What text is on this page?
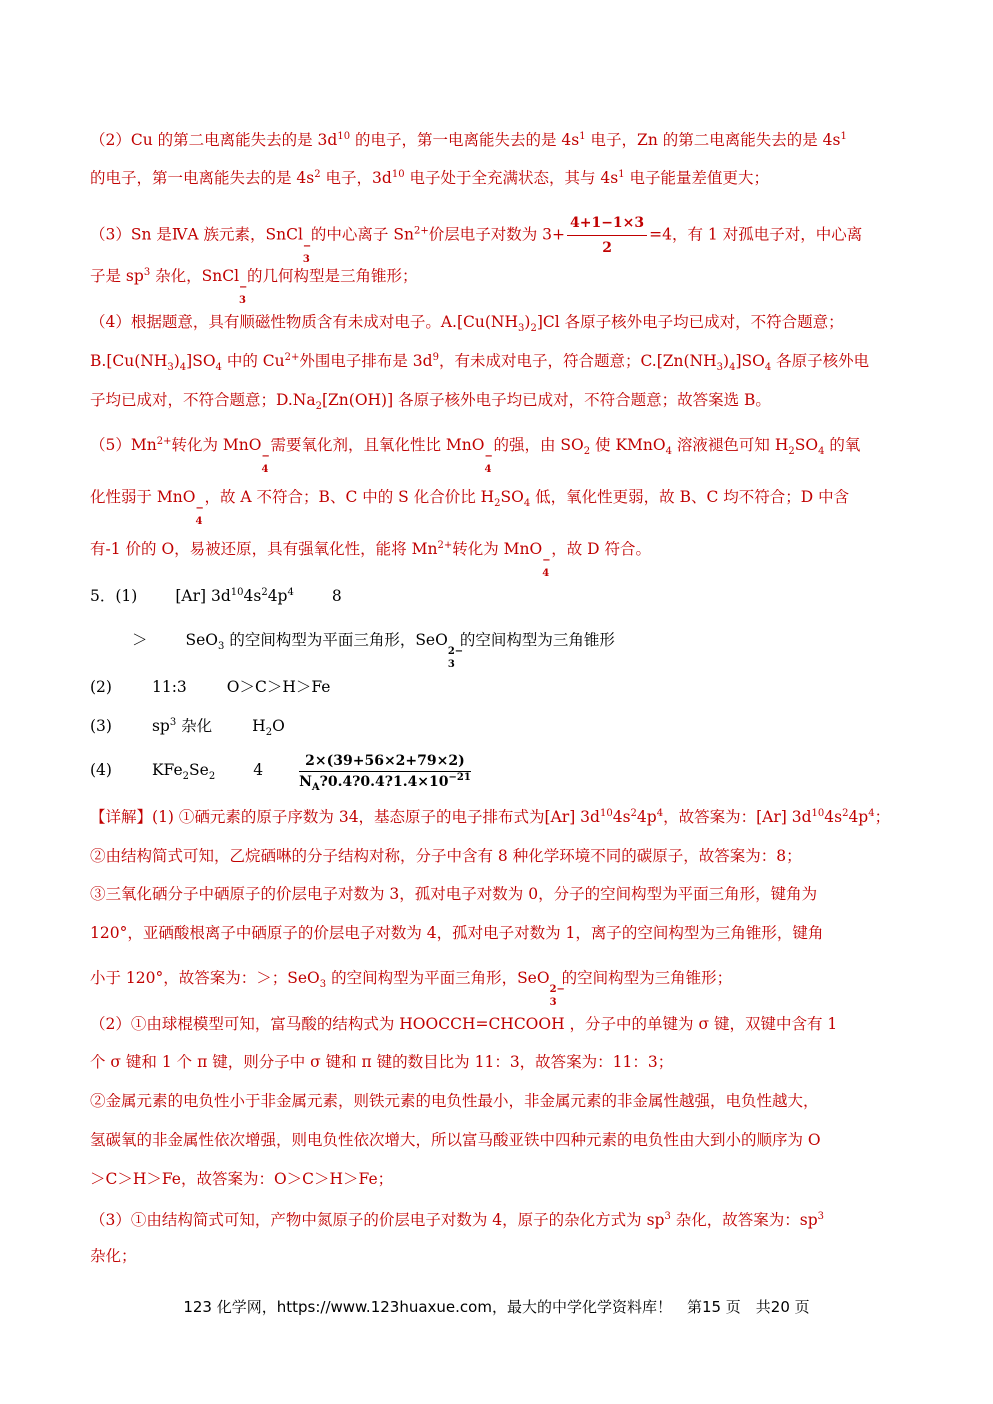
（2）Cu 的第二电离能失去的是 $3d^{10}$ 的电子，第一电离能失去的是 $4s^1$ 电子，Zn 的第二电离能失去的是 $4s^1$
的电子，第一电离能失去的是 $4s^2$ 电子，$3d^{10}$ 电子处于全充满状态，其与 $4s^1$ 电子能量差值更大；
（3）Sn 是ⅣA 族元素，SnCl
−
3
的中心离子 $Sn^{2+}$价层电子对数为 $3+ \frac{4+1-1\times 3}{2} =4$，有 1 对孤电子对，中心离
子是 $sp^3$ 杂化，SnCl
−
3
的几何构型是三角锥形；
（4）根据题意，具有顺磁性物质含有未成对电子。$A.[Cu(NH_3)_2]Cl$ 各原子核外电子均已成对，不符合题意；
$B.[Cu(NH_3)_4]SO_4$ 中的 $Cu^{2+}$外围电子排布是 $3d^9$，有未成对电子，符合题意；$C.[Zn(NH_3)_4]SO_4$ 各原子核外电
子均已成对，不符合题意；$D.Na_2[Zn(OH)]$ 各原子核外电子均已成对，不符合题意；故答案选 B。
$(5)Mn^{2+}$转化为 MnO
−
4
需要氧化剂，且氧化性比 MnO
−
4
的强，由 $SO_2$ 使 KMnO$_4$ 溶液褪色可知 $H_2SO_4$ 的氧
化性弱于 MnO
−
4
，故 A 不符合；B、C 中的 S 化合价比 $H_2SO_4$ 低，氧化性更弱，故 B、C 均不符合；D 中含
有-1 价的 O，易被还原，具有强氧化性，能将 $Mn^{2+}$转化为 MnO
−
4
，故 D 符合。
5．(1) [Ar] $3d^{10}4s^24p^4$ 8
＞ SeO$_3$ 的空间构型为平面三角形，SeO
2−
3
的空间构型为三角锥形
(2)	11:3	O＞C＞H＞Fe
(3)	$sp^3$ 杂化	$H_2O$
(4)	$KFe_2Se_2$ 4	$\frac{2\times(39+56\times 2+79\times 2)}{N_A?0.4?0.4?1.4\times 10^{-21}}$
【详解】(1) ①硒元素的原子序数为 34，基态原子的电子排布式为[Ar] $3d^{10}4s^24p^4$，故答案为：[Ar] $3d^{10}4s^24p^4$；
②由结构简式可知，乙烷硒啉的分子结构对称，分子中含有 8 种化学环境不同的碳原子，故答案为：8；
③三氧化硒分子中硒原子的价层电子对数为 3，孤对电子对数为 0，分子的空间构型为平面三角形，键角为
120°，亚硒酸根离子中硒原子的价层电子对数为 4，孤对电子对数为 1，离子的空间构型为三角锥形，键角
小于 120°，故答案为：＞；SeO$_3$ 的空间构型为平面三角形，SeO
2−
3
的空间构型为三角锥形；
（2）①由球棍模型可知，富马酸的结构式为 HOOCCH=CHCOOH ，分子中的单键为 σ 键，双键中含有 1
个 σ 键和 1 个 π 键，则分子中 σ 键和 π 键的数目比为 11：3，故答案为：11：3；
②金属元素的电负性小于非金属元素，则铁元素的电负性最小，非金属元素的非金属性越强，电负性越大，
氢碳氧的非金属性依次增强，则电负性依次增大，所以富马酸亚铁中四种元素的电负性由大到小的顺序为 O
＞C＞H＞Fe，故答案为：O＞C＞H＞Fe；
（3）①由结构简式可知，产物中氮原子的价层电子对数为 4，原子的杂化方式为 $sp^3$ 杂化，故答案为：$sp^3$
杂化；
123 化学网，https://www.123huaxue.com，最大的中学化学资料库！　第15 页　共20 页
